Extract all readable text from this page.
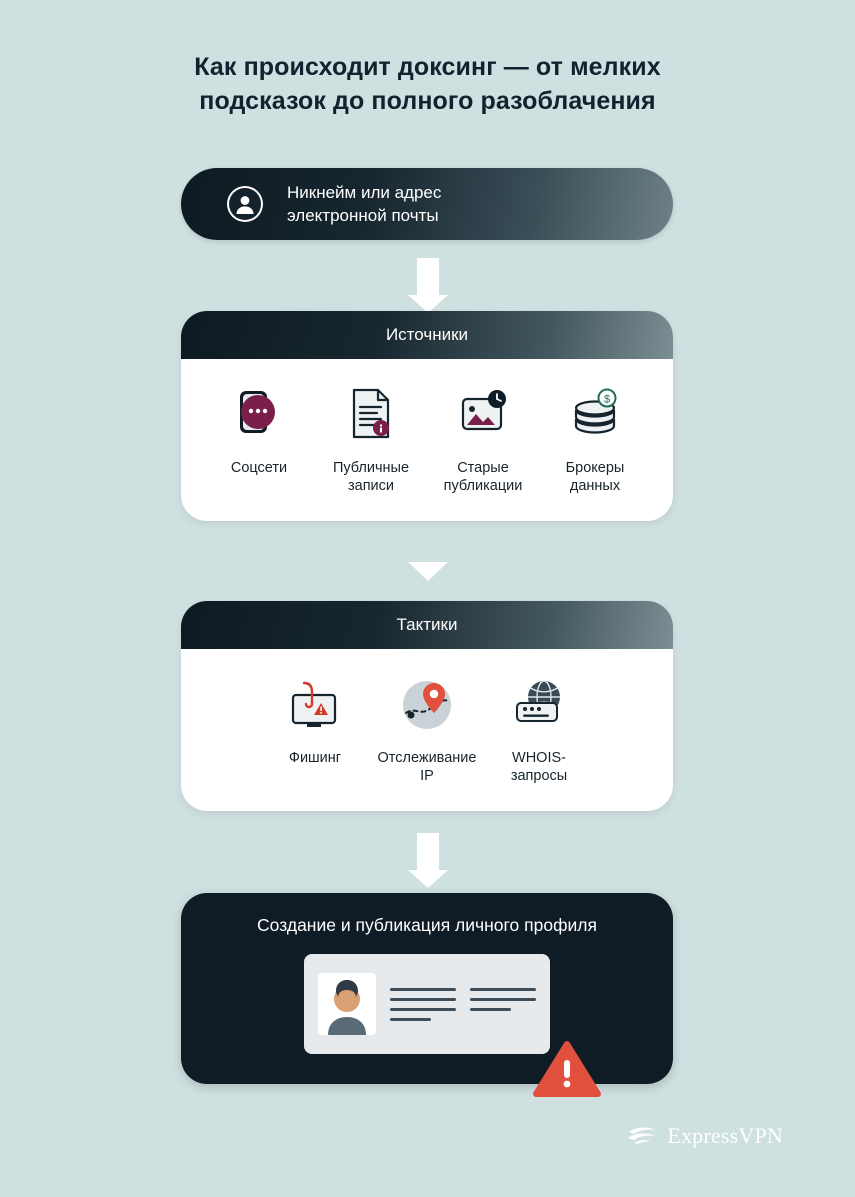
Как происходит доксинг — от мелких
подсказок до полного разоблачения
Никнейм или адрес
электронной почты
Источники
Соцсети	Публичные
записи
Старые
публикации
$
Брокеры
данных
Тактики
Фишинг	Отслеживание
IP
WHOIS-
запросы
Создание и публикация личного профиля
ExpressVPN
